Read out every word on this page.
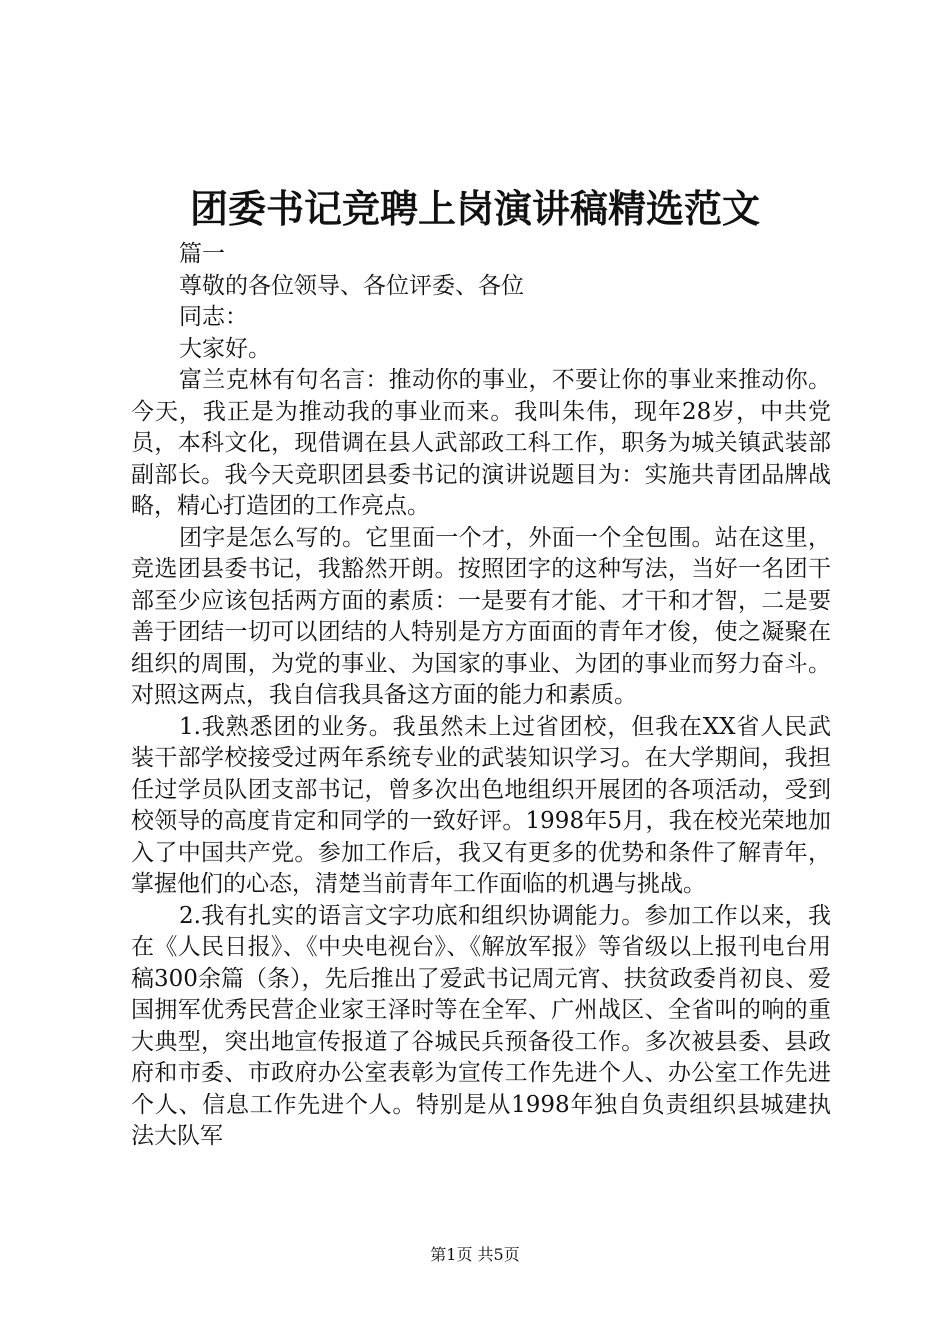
团委书记竞聘上岗演讲稿精选范文

篇一

尊敬的各位领导、各位评委、各位

同志：

大家好。

富兰克林有句名言：推动你的事业，不要让你的事业来推动你。今天，我正是为推动我的事业而来。我叫朱伟，现年28岁，中共党员，本科文化，现借调在县人武部政工科工作，职务为城关镇武装部副部长。我今天竞职团县委书记的演讲说题目为：实施共青团品牌战略，精心打造团的工作亮点。

团字是怎么写的。它里面一个才，外面一个全包围。站在这里，竞选团县委书记，我豁然开朗。按照团字的这种写法，当好一名团干部至少应该包括两方面的素质：一是要有才能、才干和才智，二是要善于团结一切可以团结的人特别是方方面面的青年才俊，使之凝聚在组织的周围，为党的事业、为国家的事业、为团的事业而努力奋斗。对照这两点，我自信我具备这方面的能力和素质。

1.我熟悉团的业务。我虽然未上过省团校，但我在XX省人民武装干部学校接受过两年系统专业的武装知识学习。在大学期间，我担任过学员队团支部书记，曾多次出色地组织开展团的各项活动，受到校领导的高度肯定和同学的一致好评。1998年5月，我在校光荣地加入了中国共产党。参加工作后，我又有更多的优势和条件了解青年，掌握他们的心态，清楚当前青年工作面临的机遇与挑战。

2.我有扎实的语言文字功底和组织协调能力。参加工作以来，我在《人民日报》、《中央电视台》、《解放军报》等省级以上报刊电台用稿300余篇（条），先后推出了爱武书记周元宵、扶贫政委肖初良、爱国拥军优秀民营企业家王泽时等在全军、广州战区、全省叫的响的重大典型，突出地宣传报道了谷城民兵预备役工作。多次被县委、县政府和市委、市政府办公室表彰为宣传工作先进个人、办公室工作先进个人、信息工作先进个人。特别是从1998年独自负责组织县城建执法大队军

第1页 共5页
